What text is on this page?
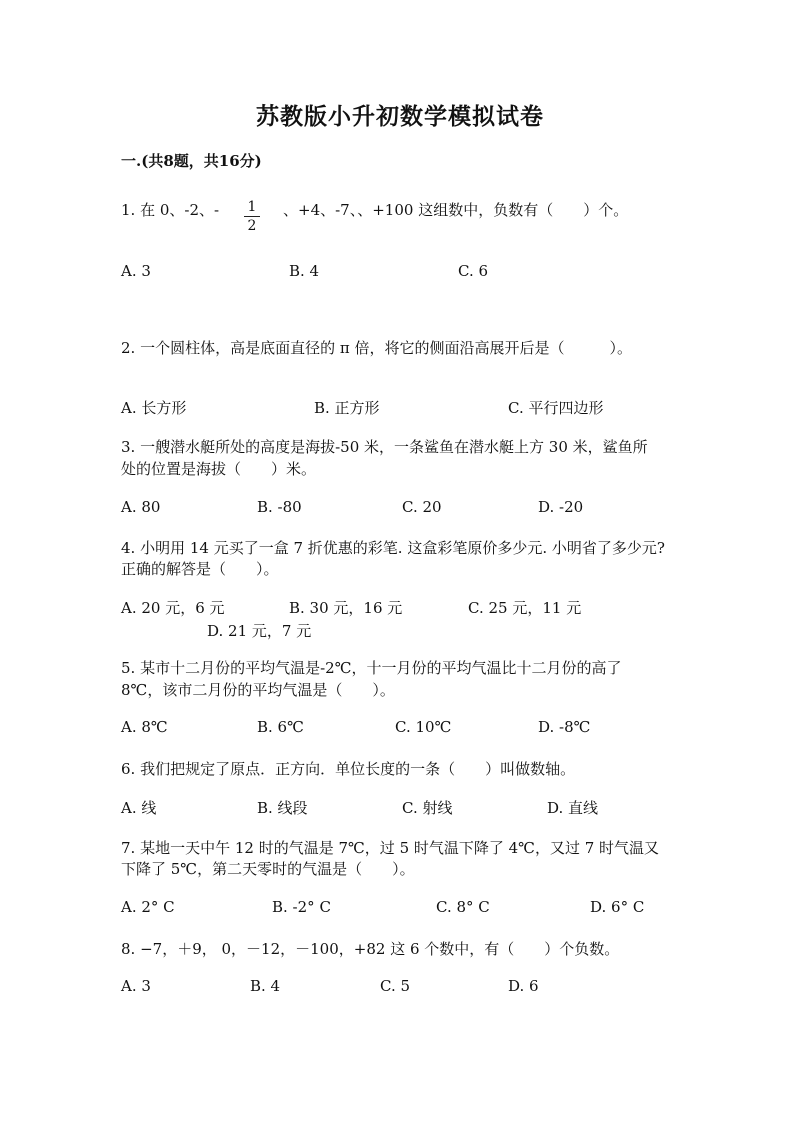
苏教版小升初数学模拟试卷
一.(共8题，共16分)
1. 在 0、-2、- 1
2
、+4、-7、、+100 这组数中，负数有（　　）个。
A. 3	B. 4	C. 6
2. 一个圆柱体，高是底面直径的 π 倍，将它的侧面沿高展开后是（　　　）。
A. 长方形	B. 正方形	C. 平行四边形
3. 一艘潜水艇所处的高度是海拔-50 米，一条鲨鱼在潜水艇上方 30 米，鲨鱼所
处的位置是海拔（　　）米。
A. 80	B. -80	C. 20	D. -20
4. 小明用 14 元买了一盒 7 折优惠的彩笔. 这盒彩笔原价多少元. 小明省了多少元?
正确的解答是（　　）。
A. 20 元，6 元	B. 30 元，16 元	C. 25 元，11 元
D. 21 元，7 元
5. 某市十二月份的平均气温是-2℃，十一月份的平均气温比十二月份的高了
8℃，该市二月份的平均气温是（　　）。
A. 8℃	B. 6℃	C. 10℃	D. -8℃
6. 我们把规定了原点．正方向．单位长度的一条（　　）叫做数轴。
A. 线	B. 线段	C. 射线	D. 直线
7. 某地一天中午 12 时的气温是 7℃，过 5 时气温下降了 4℃，又过 7 时气温又
下降了 5℃，第二天零时的气温是（　　）。
A. 2° C	B. -2° C	C. 8° C	D. 6° C
8. −7，＋9， 0，－12，－100，+82 这 6 个数中，有（　　）个负数。
A. 3	B. 4	C. 5	D. 6
